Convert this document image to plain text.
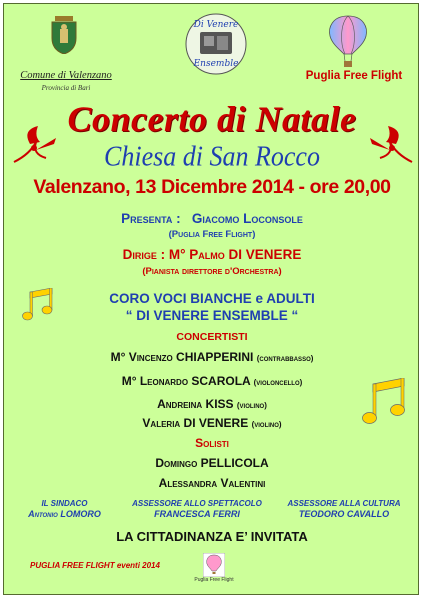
Comune di Valenzano
Provincia di Bari
Di Venere
Ensemble
Puglia Free Flight
Concerto di Natale
Chiesa di San Rocco
Valenzano, 13 Dicembre 2014 - ore 20,00
Presenta : Giacomo Loconsole
(Puglia Free Flight)
Dirige : M° Palmo DI VENERE
(Pianista direttore d'Orchestra)
CORO VOCI BIANCHE e ADULTI
“ DI VENERE ENSEMBLE “
CONCERTISTI
M° Vincenzo CHIAPPERINI (contrabbasso)
M° Leonardo SCAROLA (violoncello)
Andreina KISS (violino)
Valeria DI VENERE (violino)
Solisti
Domingo PELLICOLA
Alessandra Valentini
IL SINDACO
Antonio LOMORO
ASSESSORE ALLO SPETTACOLO
FRANCESCA FERRI
ASSESSORE ALLA CULTURA
TEODORO CAVALLO
LA CITTADINANZA E’ INVITATA
PUGLIA FREE FLIGHT eventi 2014
Puglia Free Flight
